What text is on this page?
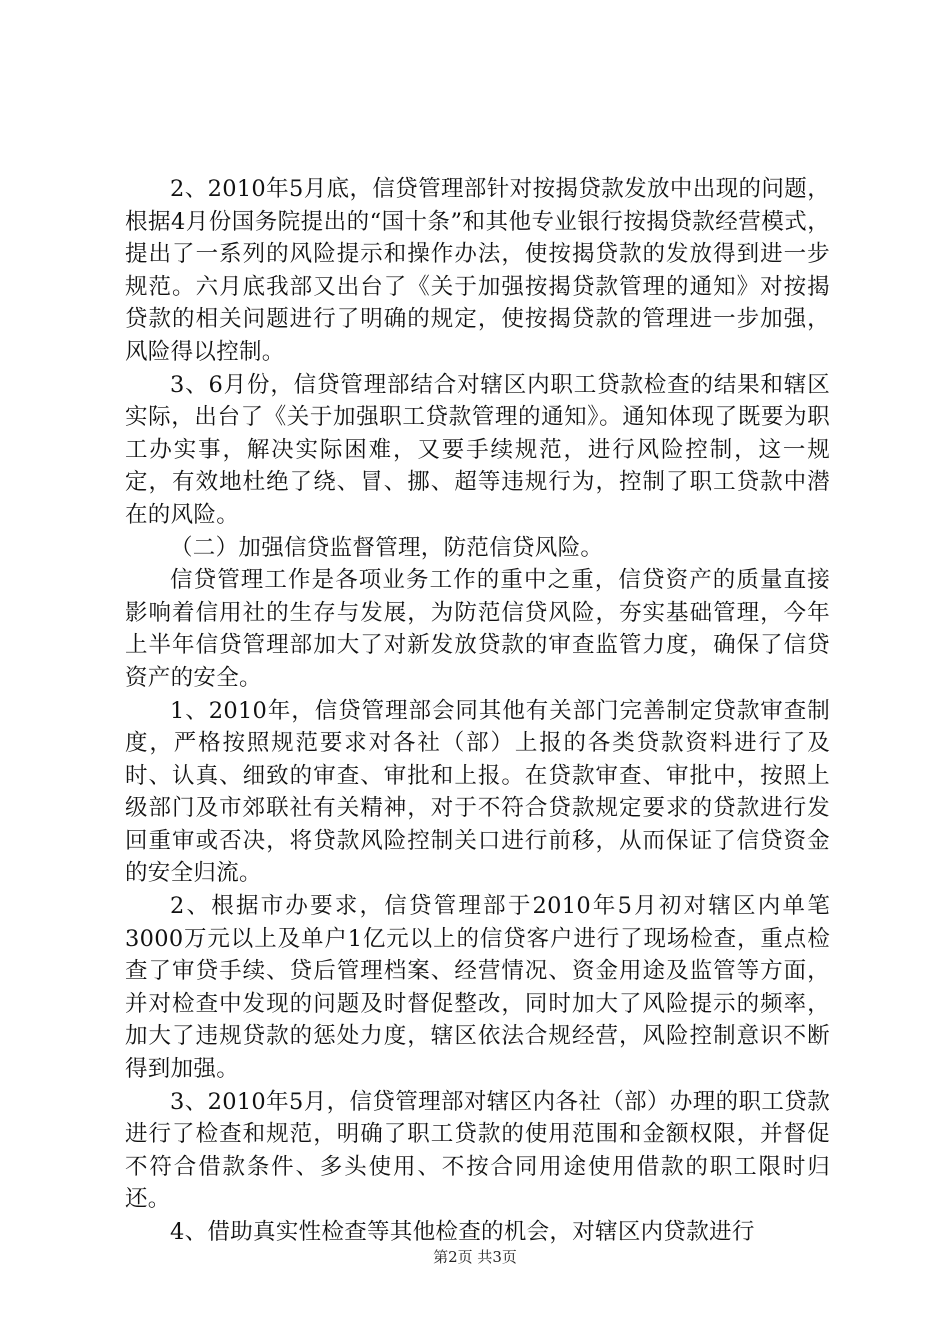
2、2010年5月底，信贷管理部针对按揭贷款发放中出现的问题，根据4月份国务院提出的“国十条”和其他专业银行按揭贷款经营模式，提出了一系列的风险提示和操作办法，使按揭贷款的发放得到进一步规范。六月底我部又出台了《关于加强按揭贷款管理的通知》对按揭贷款的相关问题进行了明确的规定，使按揭贷款的管理进一步加强，风险得以控制。

3、6月份，信贷管理部结合对辖区内职工贷款检查的结果和辖区实际，出台了《关于加强职工贷款管理的通知》。通知体现了既要为职工办实事，解决实际困难，又要手续规范，进行风险控制，这一规定，有效地杜绝了绕、冒、挪、超等违规行为，控制了职工贷款中潜在的风险。

（二）加强信贷监督管理，防范信贷风险。

信贷管理工作是各项业务工作的重中之重，信贷资产的质量直接影响着信用社的生存与发展，为防范信贷风险，夯实基础管理，今年上半年信贷管理部加大了对新发放贷款的审查监管力度，确保了信贷资产的安全。

1、2010年，信贷管理部会同其他有关部门完善制定贷款审查制度，严格按照规范要求对各社（部）上报的各类贷款资料进行了及时、认真、细致的审查、审批和上报。在贷款审查、审批中，按照上级部门及市郊联社有关精神，对于不符合贷款规定要求的贷款进行发回重审或否决，将贷款风险控制关口进行前移，从而保证了信贷资金的安全归流。

2、根据市办要求，信贷管理部于2010年5月初对辖区内单笔3000万元以上及单户1亿元以上的信贷客户进行了现场检查，重点检查了审贷手续、贷后管理档案、经营情况、资金用途及监管等方面，并对检查中发现的问题及时督促整改，同时加大了风险提示的频率，加大了违规贷款的惩处力度，辖区依法合规经营，风险控制意识不断得到加强。

3、2010年5月，信贷管理部对辖区内各社（部）办理的职工贷款进行了检查和规范，明确了职工贷款的使用范围和金额权限，并督促不符合借款条件、多头使用、不按合同用途使用借款的职工限时归还。

4、借助真实性检查等其他检查的机会，对辖区内贷款进行

第2页 共3页
